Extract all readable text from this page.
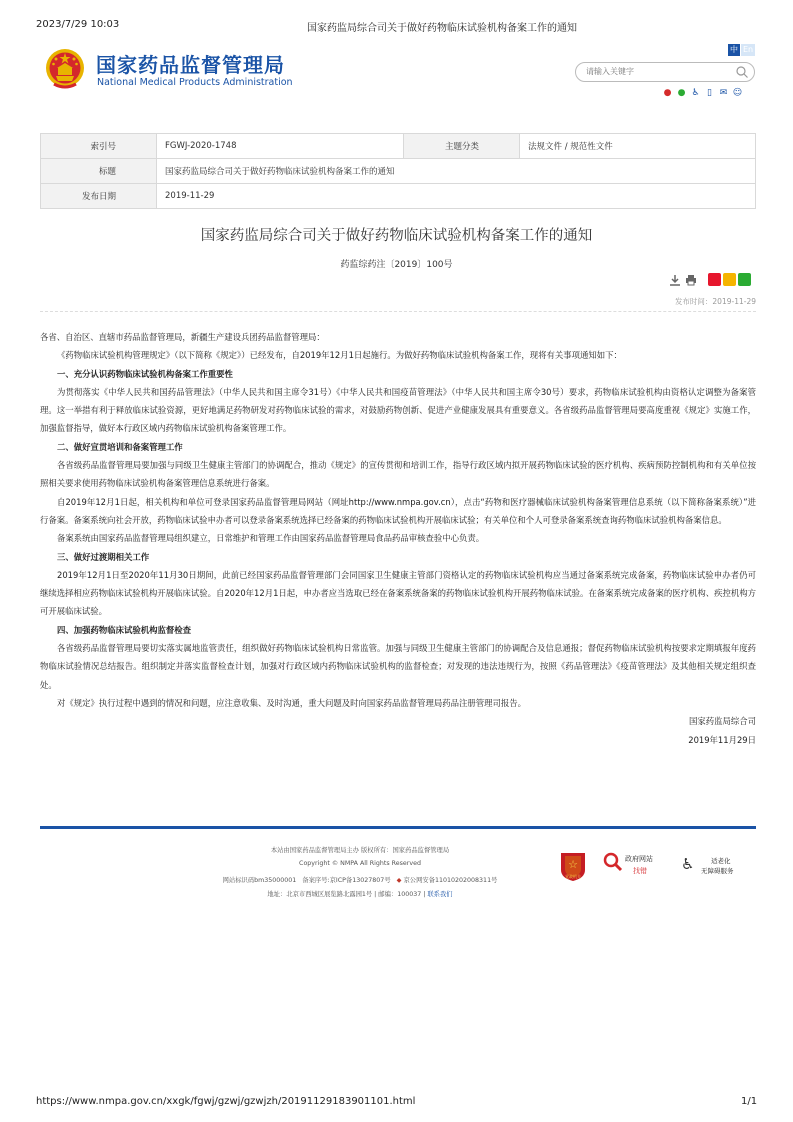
2023/7/29 10:03	国家药监局综合司关于做好药物临床试验机构备案工作的通知
国家药品监督管理局
National Medical Products Administration
中 En
请输入关键字
● ● ♿ ▯ ✉ ☺
索引号	FGWJ-2020-1748	主题分类	法规文件 / 规范性文件
标题	国家药监局综合司关于做好药物临床试验机构备案工作的通知		
发布日期	2019-11-29		
国家药监局综合司关于做好药物临床试验机构备案工作的通知
药监综药注〔2019〕100号
发布时间：2019-11-29

各省、自治区、直辖市药品监督管理局，新疆生产建设兵团药品监督管理局：

《药物临床试验机构管理规定》（以下简称《规定》）已经发布，自2019年12月1日起施行。为做好药物临床试验机构备案工作，现将有关事项通知如下：

一、充分认识药物临床试验机构备案工作重要性

为贯彻落实《中华人民共和国药品管理法》（中华人民共和国主席令31号）《中华人民共和国疫苗管理法》（中华人民共和国主席令30号）要求，药物临床试验机构由资格认定调整为备案管理。这一举措有利于释放临床试验资源，更好地满足药物研发对药物临床试验的需求，对鼓励药物创新、促进产业健康发展具有重要意义。各省级药品监督管理局要高度重视《规定》实施工作，加强监督指导，做好本行政区域内药物临床试验机构备案管理工作。

二、做好宣贯培训和备案管理工作

各省级药品监督管理局要加强与同级卫生健康主管部门的协调配合，推动《规定》的宣传贯彻和培训工作，指导行政区域内拟开展药物临床试验的医疗机构、疾病预防控制机构和有关单位按照相关要求使用药物临床试验机构备案管理信息系统进行备案。

自2019年12月1日起，相关机构和单位可登录国家药品监督管理局网站（网址http://www.nmpa.gov.cn），点击“药物和医疗器械临床试验机构备案管理信息系统（以下简称备案系统）”进行备案。备案系统向社会开放，药物临床试验申办者可以登录备案系统选择已经备案的药物临床试验机构开展临床试验；有关单位和个人可登录备案系统查询药物临床试验机构备案信息。

备案系统由国家药品监督管理局组织建立，日常维护和管理工作由国家药品监督管理局食品药品审核查验中心负责。

三、做好过渡期相关工作

2019年12月1日至2020年11月30日期间，此前已经国家药品监督管理部门会同国家卫生健康主管部门资格认定的药物临床试验机构应当通过备案系统完成备案，药物临床试验申办者仍可继续选择相应药物临床试验机构开展临床试验。自2020年12月1日起，申办者应当选取已经在备案系统备案的药物临床试验机构开展药物临床试验。在备案系统完成备案的医疗机构、疾控机构方可开展临床试验。

四、加强药物临床试验机构监督检查

各省级药品监督管理局要切实落实属地监管责任，组织做好药物临床试验机构日常监管。加强与同级卫生健康主管部门的协调配合及信息通报；督促药物临床试验机构按要求定期填报年度药物临床试验情况总结报告。组织制定并落实监督检查计划，加强对行政区域内药物临床试验机构的监督检查；对发现的违法违规行为，按照《药品管理法》《疫苗管理法》及其他相关规定组织查处。

对《规定》执行过程中遇到的情况和问题，应注意收集、及时沟通，重大问题及时向国家药品监督管理局药品注册管理司报告。

国家药监局综合司

2019年11月29日

本站由国家药品监督管理局主办 版权所有：国家药品监督管理局
Copyright © NMPA All Rights Reserved
网站标识码bm35000001 备案序号:京ICP备13027807号 ◆ 京公网安备11010202008311号
地址：北京市西城区展览路北露园1号 | 邮编：100037 | 联系我们
☆
党政机关
政府网站
找错 ♿	适老化
无障碍服务
https://www.nmpa.gov.cn/xxgk/fgwj/gzwj/gzwjzh/20191129183901101.html	1/1
